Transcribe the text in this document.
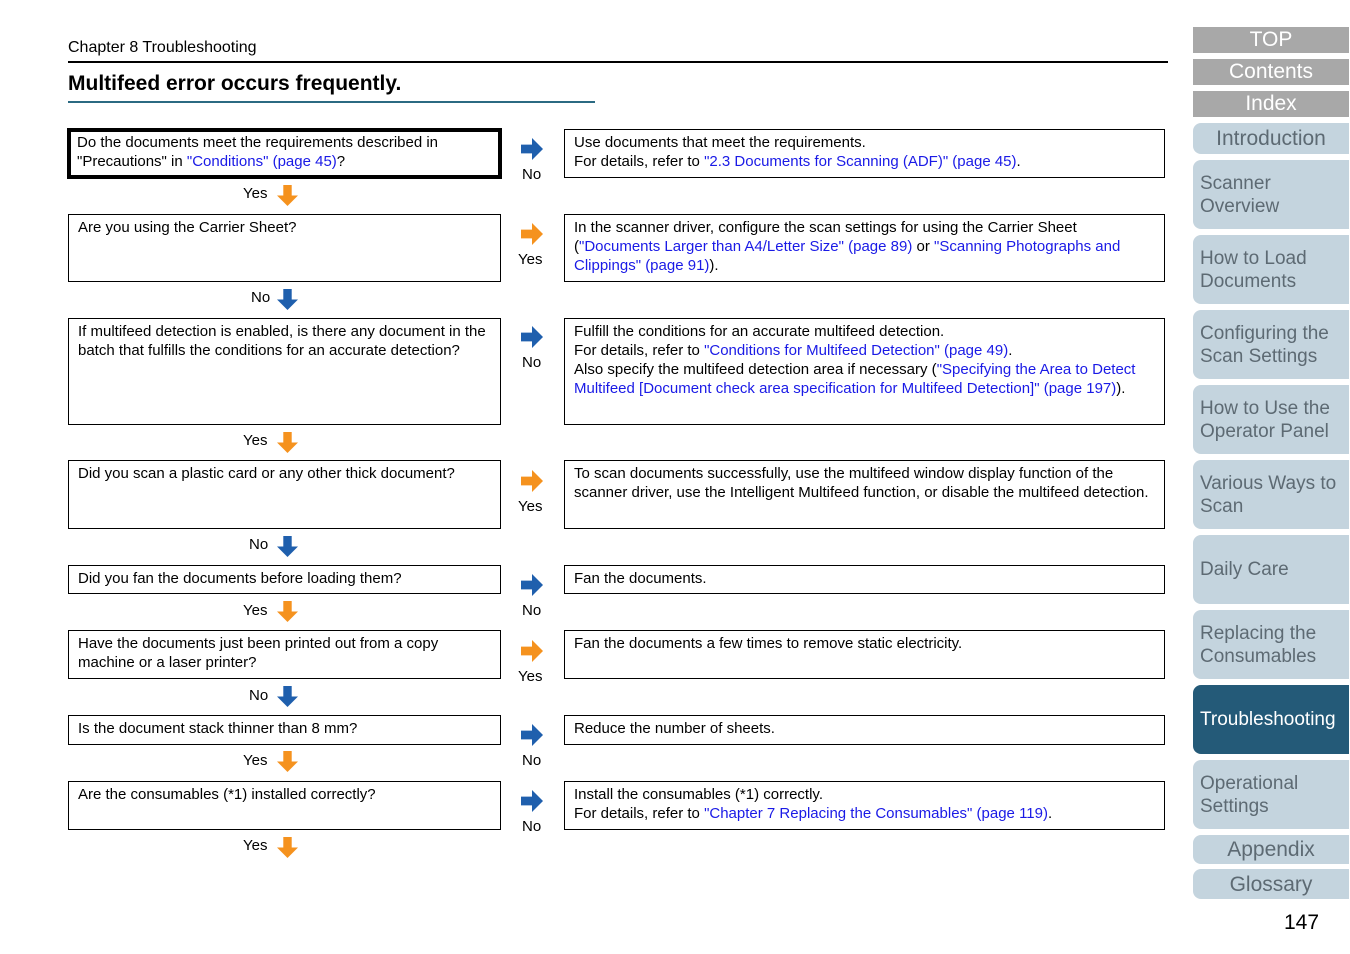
Chapter 8 Troubleshooting
Multifeed error occurs frequently.
Do the documents meet the requirements described in "Precautions" in "Conditions" (page 45)?
No
Use documents that meet the requirements.
For details, refer to "2.3 Documents for Scanning (ADF)" (page 45).
Yes
Are you using the Carrier Sheet?
Yes
In the scanner driver, configure the scan settings for using the Carrier Sheet ("Documents Larger than A4/Letter Size" (page 89) or "Scanning Photographs and Clippings" (page 91)).
No
If multifeed detection is enabled, is there any document in the batch that fulfills the conditions for an accurate detection?
No
Fulfill the conditions for an accurate multifeed detection.
For details, refer to "Conditions for Multifeed Detection" (page 49).
Also specify the multifeed detection area if necessary ("Specifying the Area to Detect Multifeed [Document check area specification for Multifeed Detection]" (page 197)).
Yes
Did you scan a plastic card or any other thick document?
Yes
To scan documents successfully, use the multifeed window display function of the scanner driver, use the Intelligent Multifeed function, or disable the multifeed detection.
No
Did you fan the documents before loading them?
No
Fan the documents.
Yes
Have the documents just been printed out from a copy machine or a laser printer?
Yes
Fan the documents a few times to remove static electricity.
No
Is the document stack thinner than 8 mm?
No
Reduce the number of sheets.
Yes
Are the consumables (*1) installed correctly?
No
Install the consumables (*1) correctly.
For details, refer to "Chapter 7 Replacing the Consumables" (page 119).
Yes
TOP
Contents
Index
Introduction
Scanner Overview
How to Load Documents
Configuring the Scan Settings
How to Use the Operator Panel
Various Ways to Scan
Daily Care
Replacing the Consumables
Troubleshooting
Operational Settings
Appendix
Glossary
147
